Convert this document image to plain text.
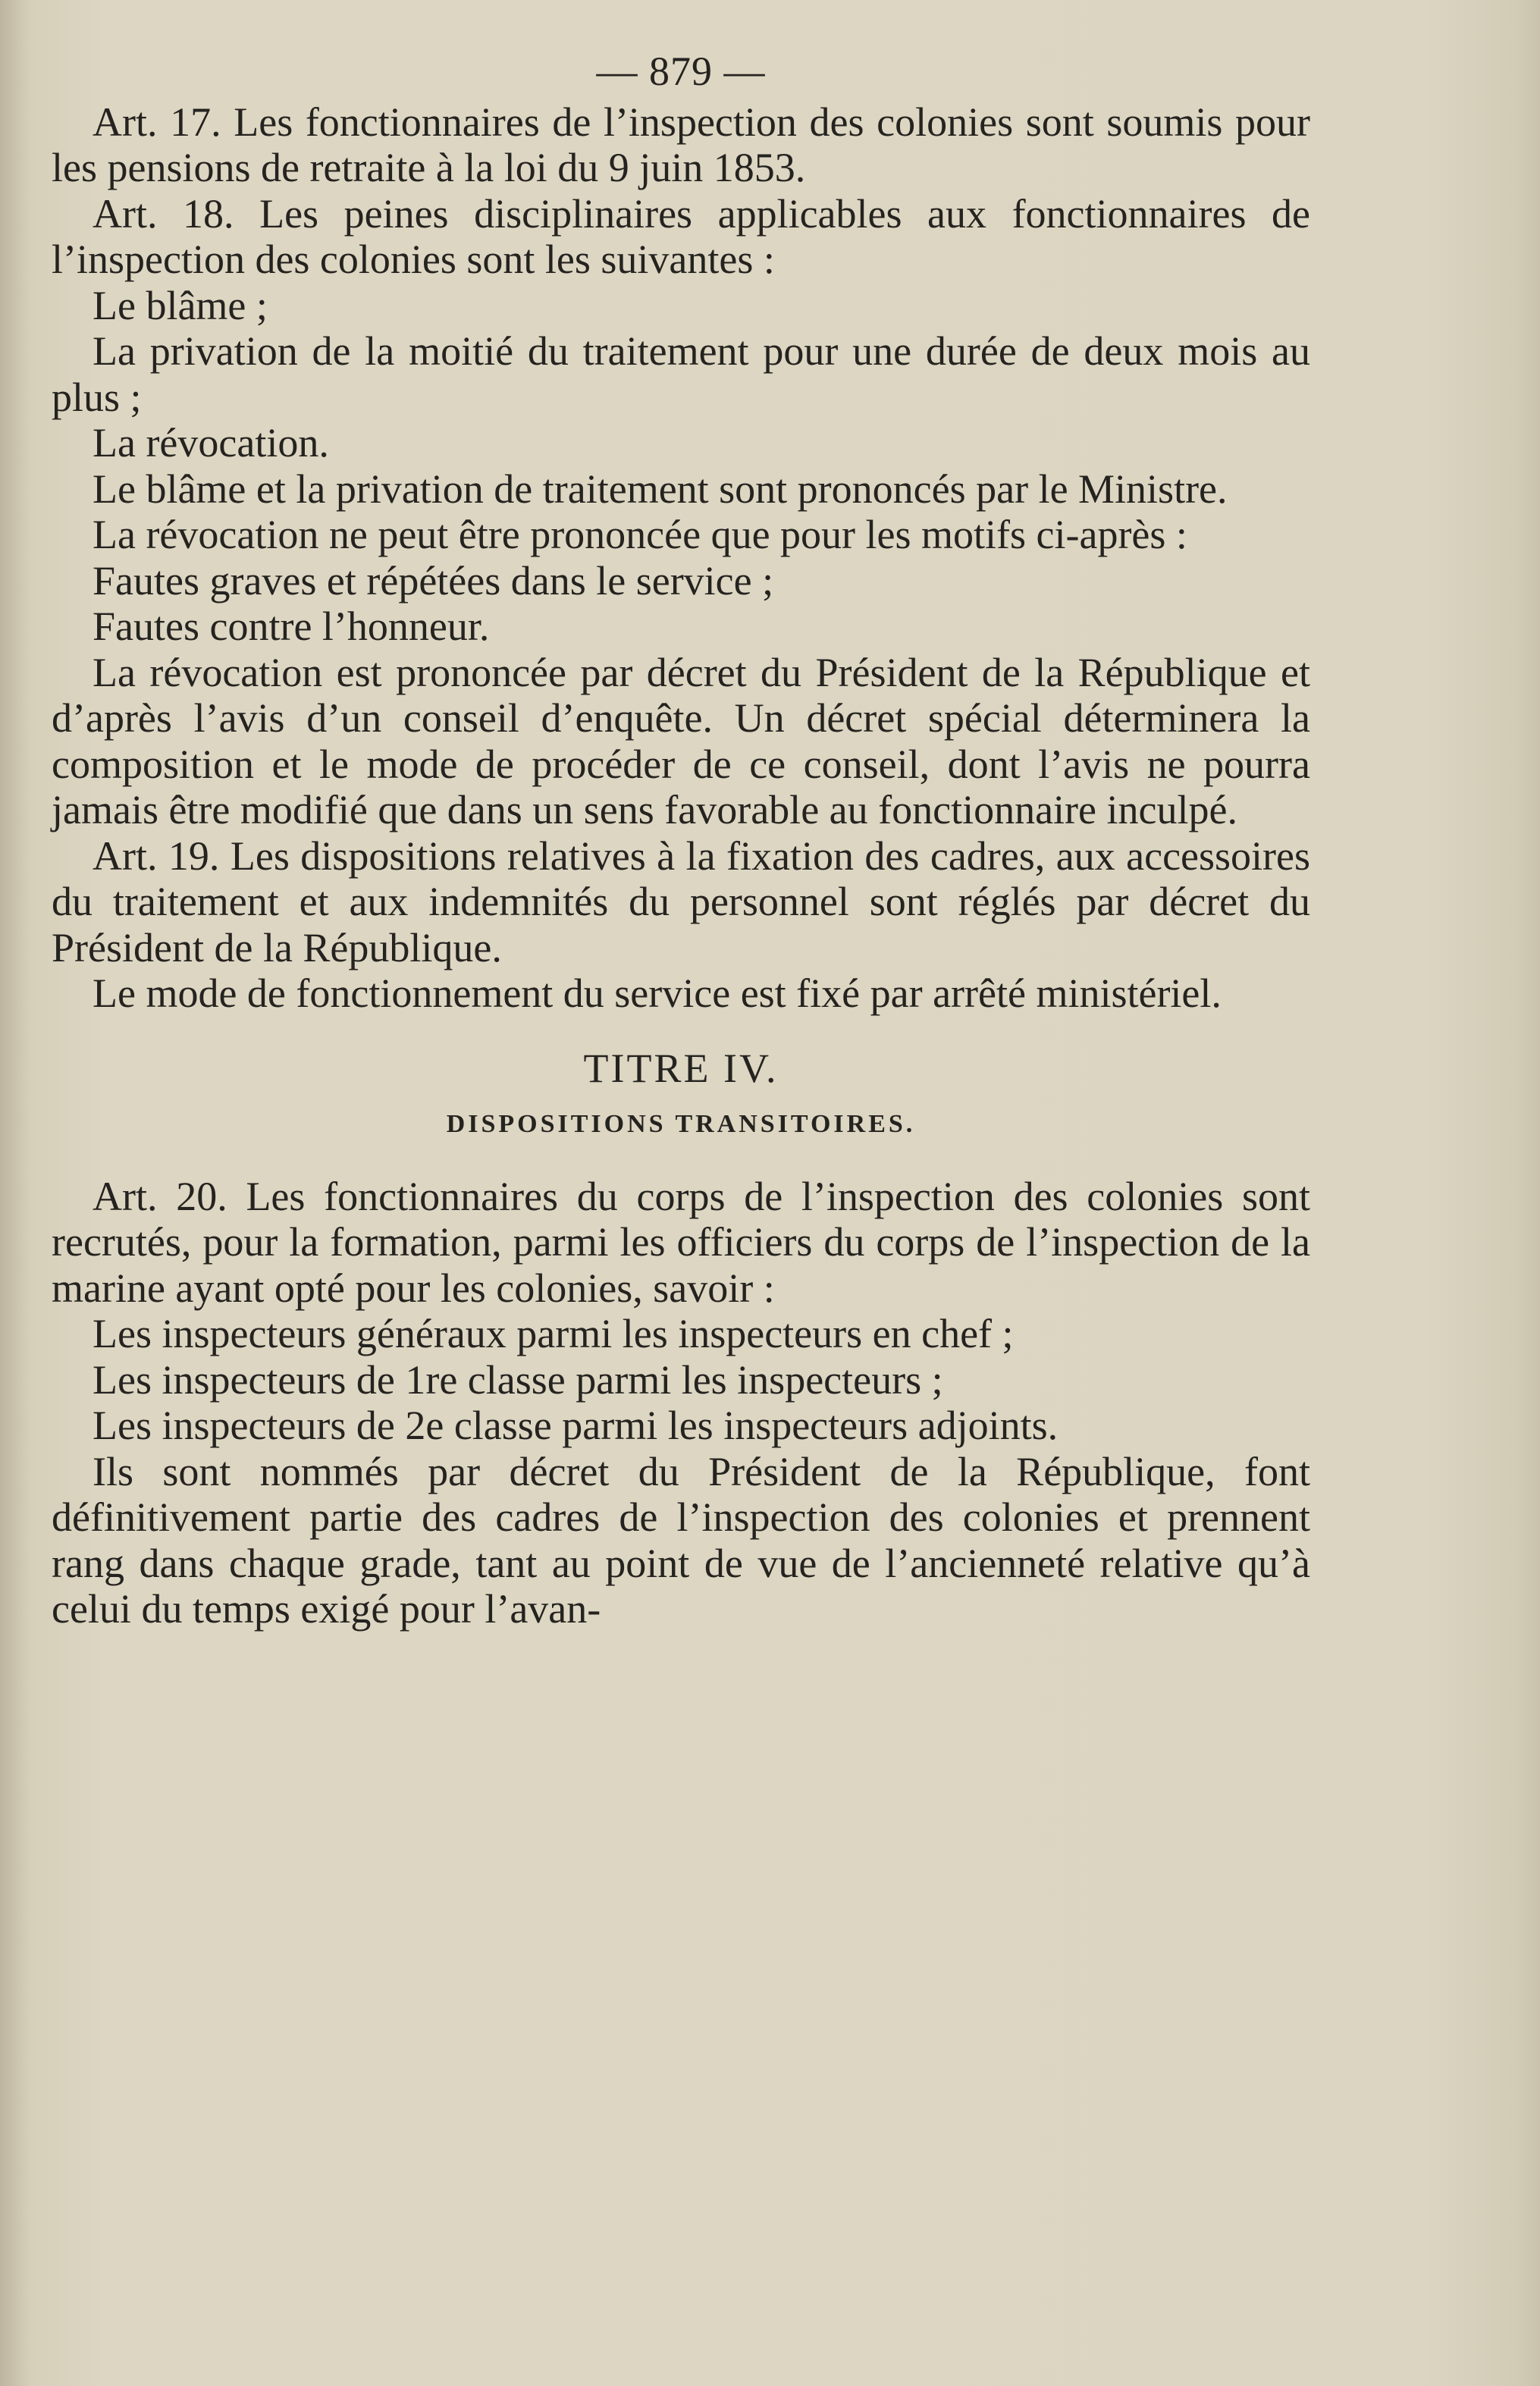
— 879 —

Art. 17. Les fonctionnaires de l’inspection des colonies sont soumis pour les pensions de retraite à la loi du 9 juin 1853.

Art. 18. Les peines disciplinaires applicables aux fonctionnaires de l’inspection des colonies sont les suivantes :

Le blâme ;

La privation de la moitié du traitement pour une durée de deux mois au plus ;

La révocation.

Le blâme et la privation de traitement sont prononcés par le Ministre.

La révocation ne peut être prononcée que pour les motifs ci-après :

Fautes graves et répétées dans le service ;

Fautes contre l’honneur.

La révocation est prononcée par décret du Président de la République et d’après l’avis d’un conseil d’enquête. Un décret spécial déterminera la composition et le mode de procéder de ce conseil, dont l’avis ne pourra jamais être modifié que dans un sens favorable au fonctionnaire inculpé.

Art. 19. Les dispositions relatives à la fixation des cadres, aux accessoires du traitement et aux indemnités du personnel sont réglés par décret du Président de la République.

Le mode de fonctionnement du service est fixé par arrêté ministériel.

TITRE IV.

DISPOSITIONS TRANSITOIRES.

Art. 20. Les fonctionnaires du corps de l’inspection des colonies sont recrutés, pour la formation, parmi les officiers du corps de l’inspection de la marine ayant opté pour les colonies, savoir :

Les inspecteurs généraux parmi les inspecteurs en chef ;

Les inspecteurs de 1re classe parmi les inspecteurs ;

Les inspecteurs de 2e classe parmi les inspecteurs adjoints.

Ils sont nommés par décret du Président de la République, font définitivement partie des cadres de l’inspection des colonies et prennent rang dans chaque grade, tant au point de vue de l’ancienneté relative qu’à celui du temps exigé pour l’avan-
